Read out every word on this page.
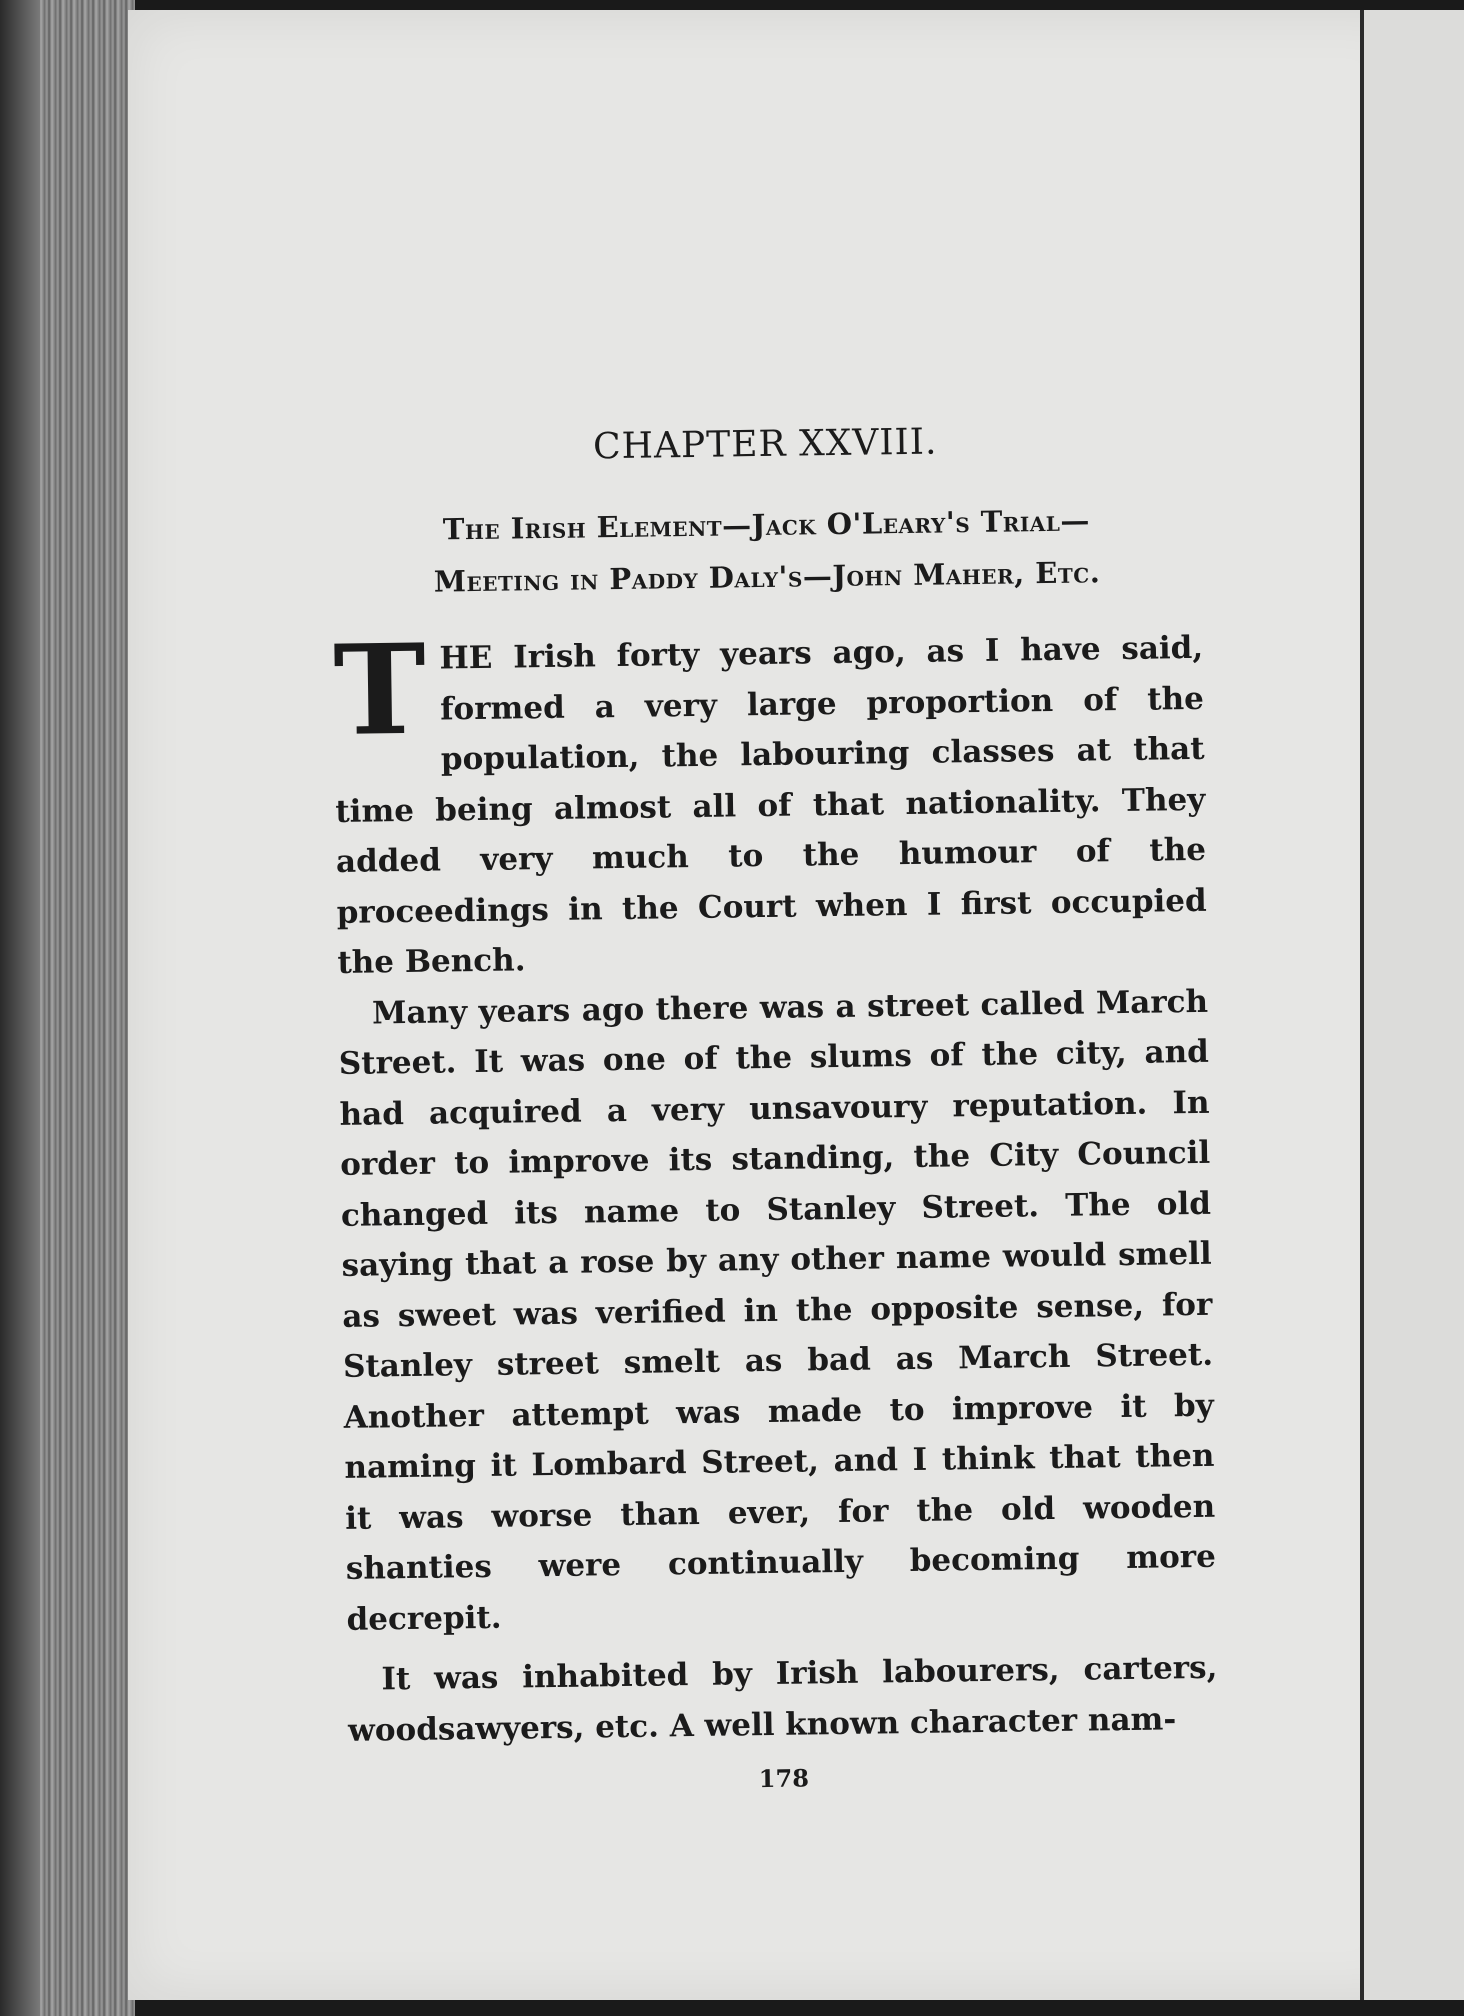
CHAPTER XXVIII.
The Irish Element—Jack O'Leary's Trial—
Meeting in Paddy Daly's—John Maher, Etc.

THE Irish forty years ago, as I have said, formed a very large proportion of the population, the labouring classes at that time being almost all of that nationality. They added very much to the humour of the proceedings in the Court when I first occupied the Bench.

Many years ago there was a street called March Street. It was one of the slums of the city, and had acquired a very unsavoury reputation. In order to improve its standing, the City Council changed its name to Stanley Street. The old saying that a rose by any other name would smell as sweet was verified in the opposite sense, for Stanley street smelt as bad as March Street. Another attempt was made to improve it by naming it Lombard Street, and I think that then it was worse than ever, for the old wooden shanties were continually becoming more decrepit.

It was inhabited by Irish labourers, carters, woodsawyers, etc. A well known character nam-

178
